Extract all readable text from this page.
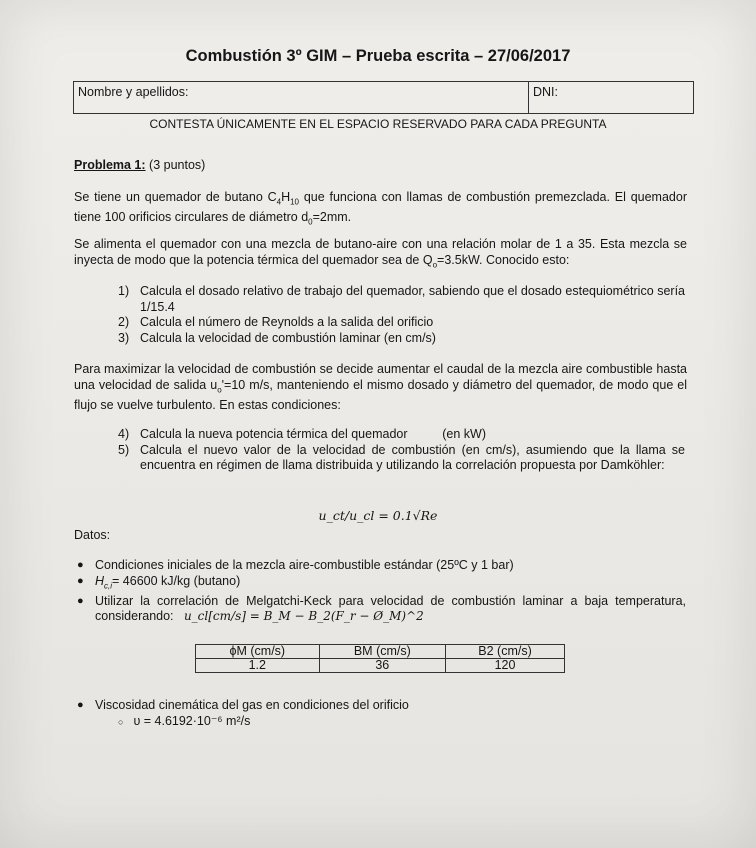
Combustión 3º GIM – Prueba escrita – 27/06/2017
Nombre y apellidos:	DNI:
CONTESTA ÚNICAMENTE EN EL ESPACIO RESERVADO PARA CADA PREGUNTA
Problema 1: (3 puntos)
Se tiene un quemador de butano $C_4H_{10}$ que funciona con llamas de combustión premezclada. El quemador tiene 100 orificios circulares de diámetro $d_0=2mm$.
Se alimenta el quemador con una mezcla de butano-aire con una relación molar de 1 a 35. Esta mezcla se inyecta de modo que la potencia térmica del quemador sea de $Q_o=3.5kW$. Conocido esto:
1) Calcula el dosado relativo de trabajo del quemador, sabiendo que el dosado estequiométrico sería 1/15.4
2) Calcula el número de Reynolds a la salida del orificio
3) Calcula la velocidad de combustión laminar (en cm/s)
Para maximizar la velocidad de combustión se decide aumentar el caudal de la mezcla aire combustible hasta una velocidad de salida $u_o'=10$ m/s, manteniendo el mismo dosado y diámetro del quemador, de modo que el flujo se vuelve turbulento. En estas condiciones:
4) Calcula la nueva potencia térmica del quemador          (en kW)
5) Calcula el nuevo valor de la velocidad de combustión (en cm/s), asumiendo que la llama se encuentra en régimen de llama distribuida y utilizando la correlación propuesta por Damköhler:
u_ct/u_cl = 0.1√Re
Datos:
● Condiciones iniciales de la mezcla aire-combustible estándar (25ºC y 1 bar)
● $H_{c,i}= 46600$ kJ/kg (butano)
● Utilizar la correlación de Melgatchi-Keck para velocidad de combustión laminar a baja temperatura, considerando: u_cl[cm/s] = B_M − B_2(F_r − Ø_M)^2
ϕM (cm/s)	BM (cm/s)	B2 (cm/s)
1.2	36	120
● Viscosidad cinemática del gas en condiciones del orificio
○ υ = 4.6192·10⁻⁶ m²/s
